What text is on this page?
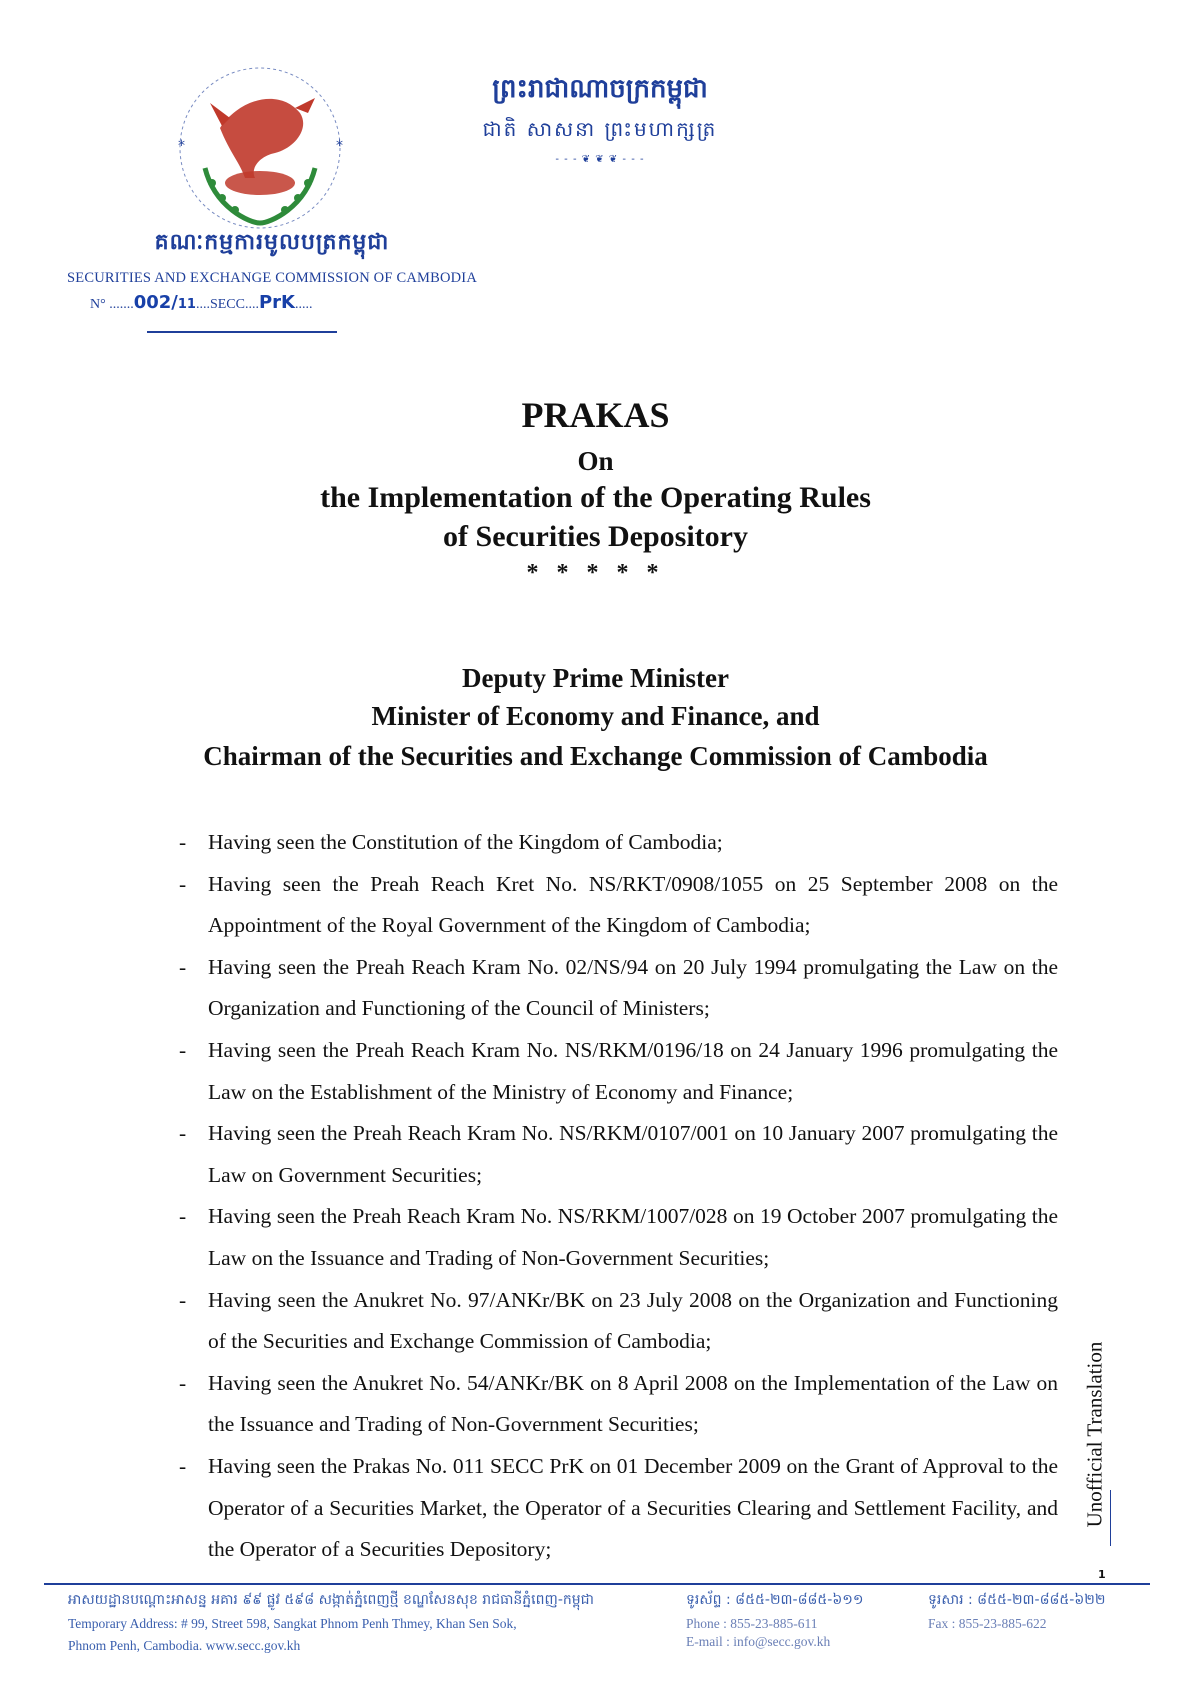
*	*
គណៈកម្មការមូលបត្រកម្ពុជា
SECURITIES AND EXCHANGE COMMISSION OF CAMBODIA
N° .......002/11....SECC....PrK.....
ព្រះរាជាណាចក្រកម្ពុជា
ជាតិ សាសនា ព្រះមហាក្សត្រ
- - - ❦ ❦ ❦ - - -
PRAKAS
On
the Implementation of the Operating Rules
of Securities Depository
* * * * *
Deputy Prime Minister
Minister of Economy and Finance, and
Chairman of the Securities and Exchange Commission of Cambodia
- Having seen the Constitution of the Kingdom of Cambodia;
- Having seen the Preah Reach Kret No. NS/RKT/0908/1055 on 25 September 2008 on the Appointment of the Royal Government of the Kingdom of Cambodia;
- Having seen the Preah Reach Kram No. 02/NS/94 on 20 July 1994 promulgating the Law on the Organization and Functioning of the Council of Ministers;
- Having seen the Preah Reach Kram No. NS/RKM/0196/18 on 24 January 1996 promulgating the Law on the Establishment of the Ministry of Economy and Finance;
- Having seen the Preah Reach Kram No. NS/RKM/0107/001 on 10 January 2007 promulgating the Law on Government Securities;
- Having seen the Preah Reach Kram No. NS/RKM/1007/028 on 19 October 2007 promulgating the Law on the Issuance and Trading of Non-Government Securities;
- Having seen the Anukret No. 97/ANKr/BK on 23 July 2008 on the Organization and Functioning of the Securities and Exchange Commission of Cambodia;
- Having seen the Anukret No. 54/ANKr/BK on 8 April 2008 on the Implementation of the Law on the Issuance and Trading of Non-Government Securities;
- Having seen the Prakas No. 011 SECC PrK on 01 December 2009 on the Grant of Approval to the Operator of a Securities Market, the Operator of a Securities Clearing and Settlement Facility, and the Operator of a Securities Depository;
Unofficial Translation
1
អាសយដ្ឋានបណ្តោះអាសន្ន អគារ ៩៩ ផ្លូវ ៥៩៨ សង្កាត់ភ្នំពេញថ្មី ខណ្ឌសែនសុខ រាជធានីភ្នំពេញ-កម្ពុជា
Temporary Address: # 99, Street 598, Sangkat Phnom Penh Thmey, Khan Sen Sok,
Phnom Penh, Cambodia. www.secc.gov.kh
ទូរស័ព្ទ : ៨៥៥-២៣-៨៨៥-៦១១
Phone : 855-23-885-611
E-mail : info@secc.gov.kh
ទូរសារ : ៨៥៥-២៣-៨៨៥-៦២២
Fax : 855-23-885-622
